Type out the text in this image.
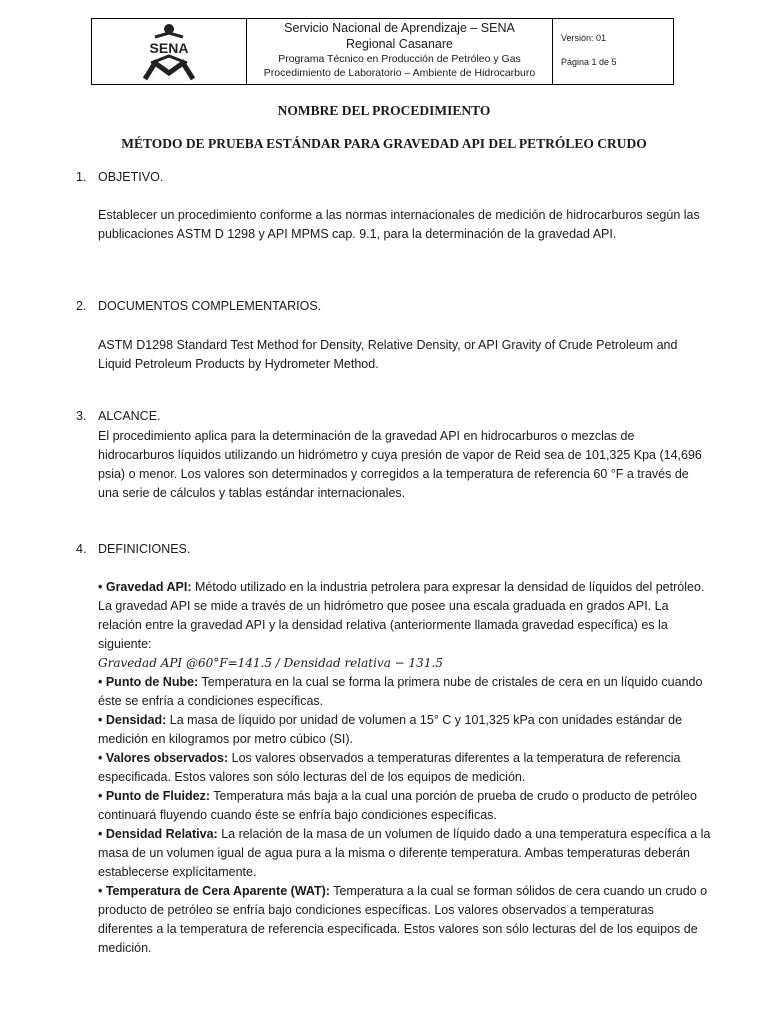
SENA
Servicio Nacional de Aprendizaje – SENA
Regional Casanare
Programa Técnico en Producción de Petróleo y Gas
Procedimiento de Laboratorio – Ambiente de Hidrocarburo
Versión: 01
Página 1 de 5
NOMBRE DEL PROCEDIMIENTO
MÉTODO DE PRUEBA ESTÁNDAR PARA GRAVEDAD API DEL PETRÓLEO CRUDO
1. OBJETIVO.
Establecer un procedimiento conforme a las normas internacionales de medición de hidrocarburos según las publicaciones ASTM D 1298 y API MPMS cap. 9.1, para la determinación de la gravedad API.
2. DOCUMENTOS COMPLEMENTARIOS.
ASTM D1298 Standard Test Method for Density, Relative Density, or API Gravity of Crude Petroleum and Liquid Petroleum Products by Hydrometer Method.
3. ALCANCE.
El procedimiento aplica para la determinación de la gravedad API en hidrocarburos o mezclas de hidrocarburos líquidos utilizando un hidrómetro y cuya presión de vapor de Reid sea de 101,325 Kpa (14,696 psia) o menor. Los valores son determinados y corregidos a la temperatura de referencia 60 °F a través de una serie de cálculos y tablas estándar internacionales.
4. DEFINICIONES.
• Gravedad API: Método utilizado en la industria petrolera para expresar la densidad de líquidos del petróleo. La gravedad API se mide a través de un hidrómetro que posee una escala graduada en grados API. La relación entre la gravedad API y la densidad relativa (anteriormente llamada gravedad específica) es la siguiente:
Gravedad API @60°F=141.5 / Densidad relativa − 131.5
• Punto de Nube: Temperatura en la cual se forma la primera nube de cristales de cera en un líquido cuando éste se enfría a condiciones específicas.
• Densidad: La masa de líquido por unidad de volumen a 15° C y 101,325 kPa con unidades estándar de medición en kilogramos por metro cúbico (SI).
• Valores observados: Los valores observados a temperaturas diferentes a la temperatura de referencia especificada. Estos valores son sólo lecturas del de los equipos de medición.
• Punto de Fluidez: Temperatura más baja a la cual una porción de prueba de crudo o producto de petróleo continuará fluyendo cuando éste se enfría bajo condiciones específicas.
• Densidad Relativa: La relación de la masa de un volumen de líquido dado a una temperatura específica a la masa de un volumen igual de agua pura a la misma o diferente temperatura. Ambas temperaturas deberán establecerse explícitamente.
• Temperatura de Cera Aparente (WAT): Temperatura a la cual se forman sólidos de cera cuando un crudo o producto de petróleo se enfría bajo condiciones específicas. Los valores observados a temperaturas diferentes a la temperatura de referencia especificada. Estos valores son sólo lecturas del de los equipos de medición.
